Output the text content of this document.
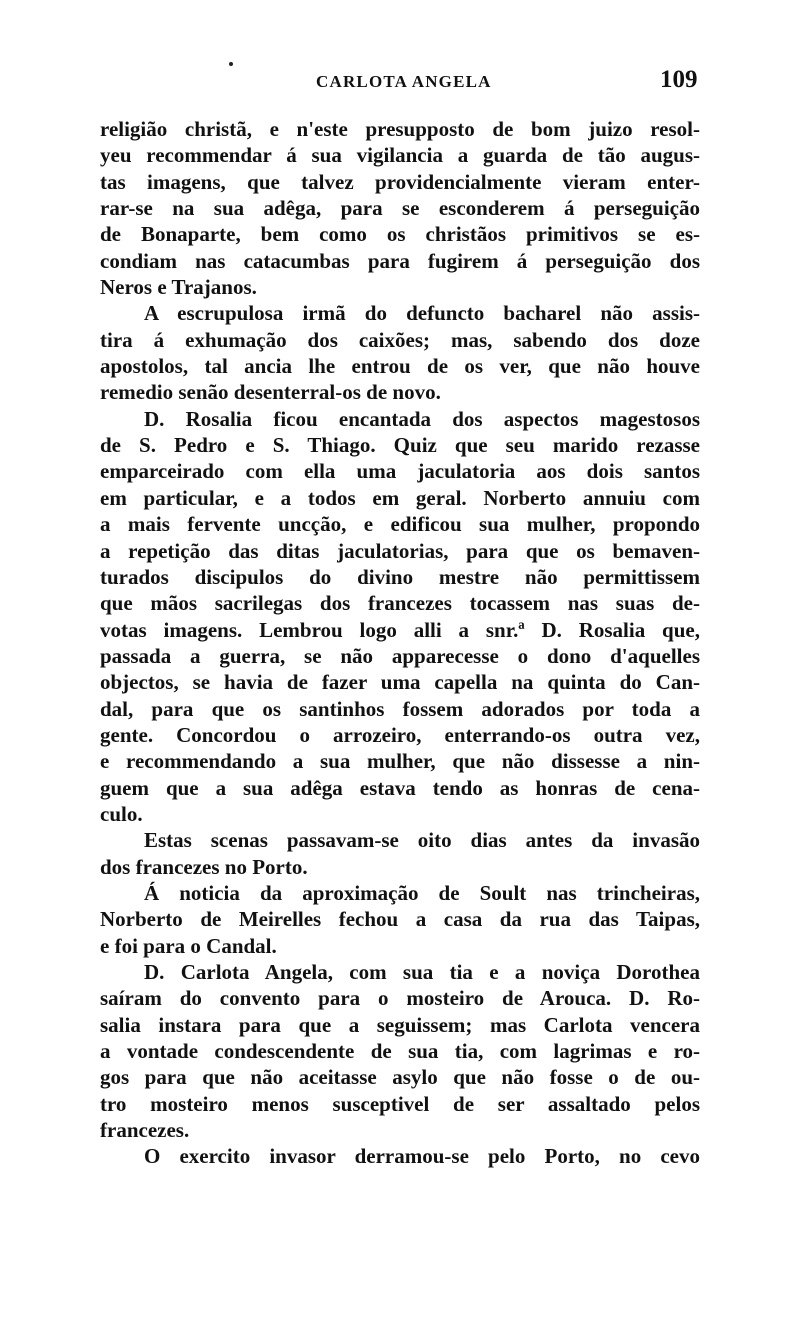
CARLOTA ANGELA	109
religião christã, e n'este presupposto de bom juizo resol-
yeu recommendar á sua vigilancia a guarda de tão augus-
tas imagens, que talvez providencialmente vieram enter-
rar-se na sua adêga, para se esconderem á perseguição
de Bonaparte, bem como os christãos primitivos se es-
condiam nas catacumbas para fugirem á perseguição dos
Neros e Trajanos.
A escrupulosa irmã do defuncto bacharel não assis-
tira á exhumação dos caixões; mas, sabendo dos doze
apostolos, tal ancia lhe entrou de os ver, que não houve
remedio senão desenterral-os de novo.
D. Rosalia ficou encantada dos aspectos magestosos
de S. Pedro e S. Thiago. Quiz que seu marido rezasse
emparceirado com ella uma jaculatoria aos dois santos
em particular, e a todos em geral. Norberto annuiu com
a mais fervente uncção, e edificou sua mulher, propondo
a repetição das ditas jaculatorias, para que os bemaven-
turados discipulos do divino mestre não permittissem
que mãos sacrilegas dos francezes tocassem nas suas de-
votas imagens. Lembrou logo alli a snr.ª D. Rosalia que,
passada a guerra, se não apparecesse o dono d'aquelles
objectos, se havia de fazer uma capella na quinta do Can-
dal, para que os santinhos fossem adorados por toda a
gente. Concordou o arrozeiro, enterrando-os outra vez,
e recommendando a sua mulher, que não dissesse a nin-
guem que a sua adêga estava tendo as honras de cena-
culo.
Estas scenas passavam-se oito dias antes da invasão
dos francezes no Porto.
Á noticia da aproximação de Soult nas trincheiras,
Norberto de Meirelles fechou a casa da rua das Taipas,
e foi para o Candal.
D. Carlota Angela, com sua tia e a noviça Dorothea
saíram do convento para o mosteiro de Arouca. D. Ro-
salia instara para que a seguissem; mas Carlota vencera
a vontade condescendente de sua tia, com lagrimas e ro-
gos para que não aceitasse asylo que não fosse o de ou-
tro mosteiro menos susceptivel de ser assaltado pelos
francezes.
O exercito invasor derramou-se pelo Porto, no cevo
